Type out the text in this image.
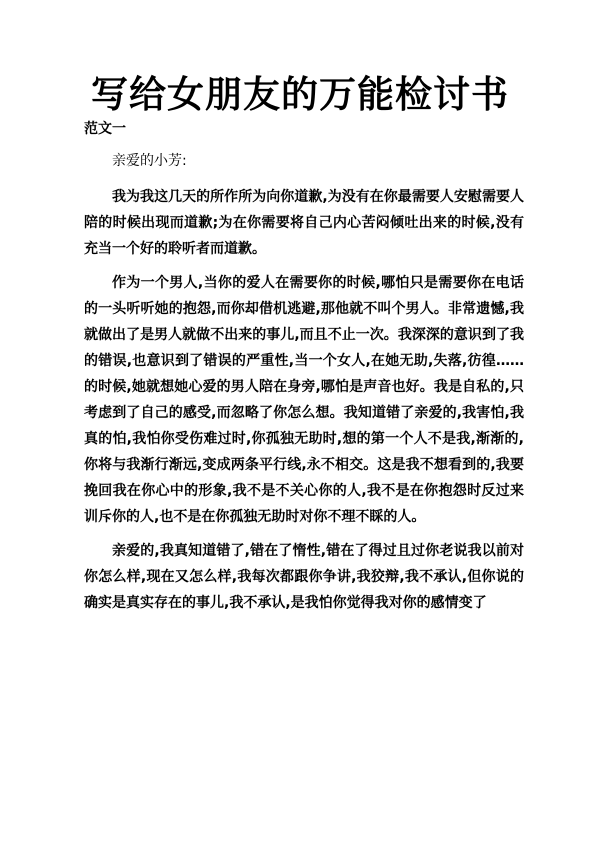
写给女朋友的万能检讨书
范文一

亲爱的小芳:

我为我这几天的所作所为向你道歉,为没有在你最需要人安慰需要人陪的时候出现而道歉;为在你需要将自己内心苦闷倾吐出来的时候,没有充当一个好的聆听者而道歉。

作为一个男人,当你的爱人在需要你的时候,哪怕只是需要你在电话的一头听听她的抱怨,而你却借机逃避,那他就不叫个男人。非常遗憾,我就做出了是男人就做不出来的事儿,而且不止一次。我深深的意识到了我的错误,也意识到了错误的严重性,当一个女人,在她无助,失落,彷徨……的时候,她就想她心爱的男人陪在身旁,哪怕是声音也好。我是自私的,只考虑到了自己的感受,而忽略了你怎么想。我知道错了亲爱的,我害怕,我真的怕,我怕你受伤难过时,你孤独无助时,想的第一个人不是我,渐渐的,你将与我渐行渐远,变成两条平行线,永不相交。这是我不想看到的,我要挽回我在你心中的形象,我不是不关心你的人,我不是在你抱怨时反过来训斥你的人,也不是在你孤独无助时对你不理不睬的人。

亲爱的,我真知道错了,错在了惰性,错在了得过且过你老说我以前对你怎么样,现在又怎么样,我每次都跟你争讲,我狡辩,我不承认,但你说的确实是真实存在的事儿,我不承认,是我怕你觉得我对你的感情变了
